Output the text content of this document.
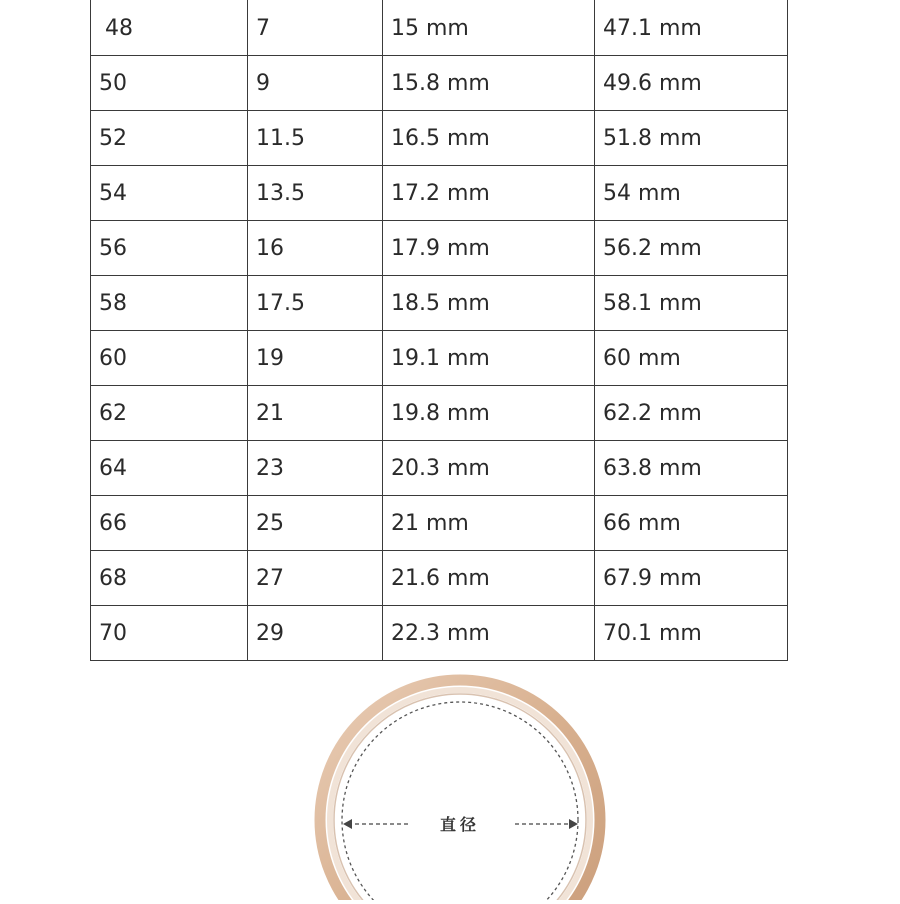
48	7	15 mm	47.1 mm
50	9	15.8 mm	49.6 mm
52	11.5	16.5 mm	51.8 mm
54	13.5	17.2 mm	54 mm
56	16	17.9 mm	56.2 mm
58	17.5	18.5 mm	58.1 mm
60	19	19.1 mm	60 mm
62	21	19.8 mm	62.2 mm
64	23	20.3 mm	63.8 mm
66	25	21 mm	66 mm
68	27	21.6 mm	67.9 mm
70	29	22.3 mm	70.1 mm
直径
